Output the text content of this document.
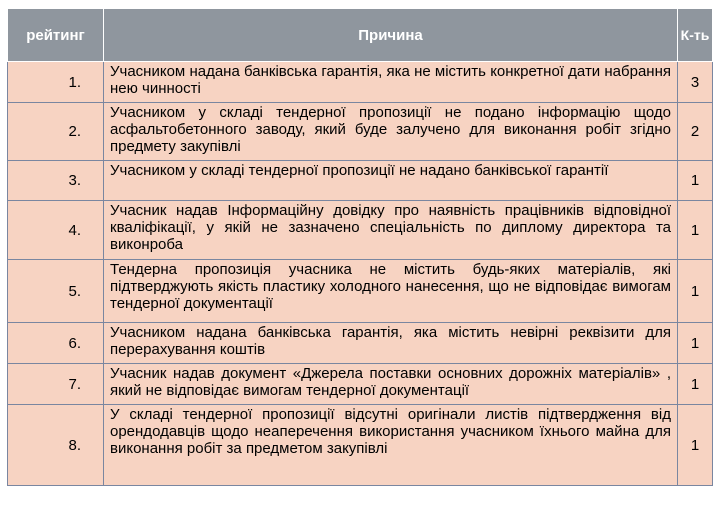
рейтинг	Причина	К-ть
1.	Учасником надана банківська гарантія, яка не містить конкретної дати набрання нею чинності	3
2.	Учасником у складі тендерної пропозиції не подано інформацію щодо асфальтобетонного заводу, який буде залучено для виконання робіт згідно предмету закупівлі	2
3.	Учасником у складі тендерної пропозиції не надано банківської гарантії	1
4.	Учасник надав Інформаційну довідку про наявність працівників відповідної кваліфікації, у якій не зазначено спеціальність по диплому директора та виконроба	1
5.	Тендерна пропозиція учасника не містить будь-яких матеріалів, які підтверджують якість пластику холодного нанесення, що не відповідає вимогам тендерної документації	1
6.	Учасником надана банківська гарантія, яка містить невірні реквізити для перерахування коштів	1
7.	Учасник надав документ «Джерела поставки основних дорожніх матеріалів» , який не відповідає вимогам тендерної документації	1
8.	У складі тендерної пропозиції відсутні оригінали листів підтвердження від орендодавців щодо неаперечення використання учасником їхнього майна для виконання робіт за предметом закупівлі	1
